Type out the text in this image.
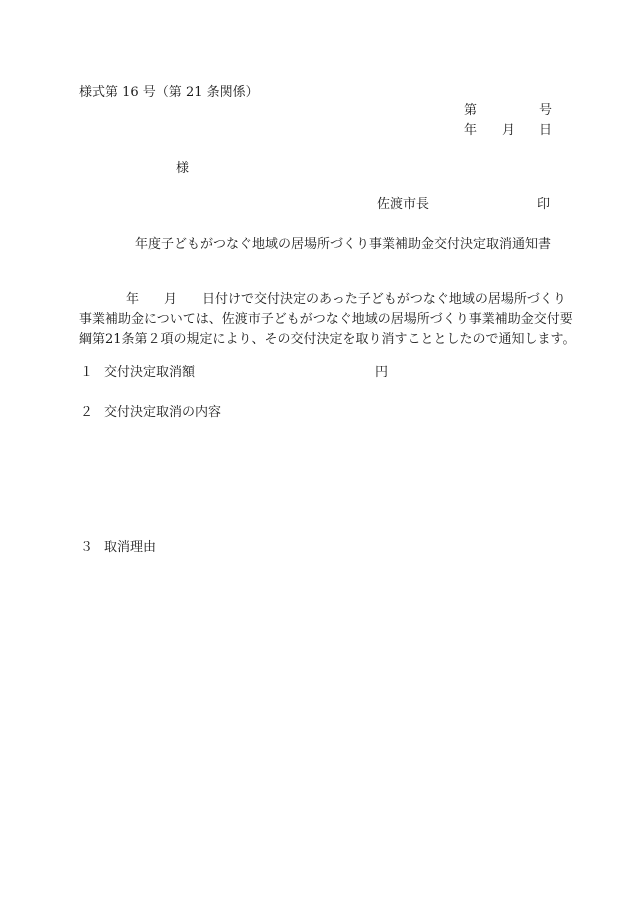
様式第 16 号（第 21 条関係）
第	号
年 月 日
様
佐渡市長	印
年度子どもがつなぐ地域の居場所づくり事業補助金交付決定取消通知書
年 月 日付けで交付決定のあった子どもがつなぐ地域の居場所づくり
事業補助金については、佐渡市子どもがつなぐ地域の居場所づくり事業補助金交付要
綱第21条第２項の規定により、その交付決定を取り消すこととしたので通知します。
１ 交付決定取消額	円
２ 交付決定取消の内容
３ 取消理由
